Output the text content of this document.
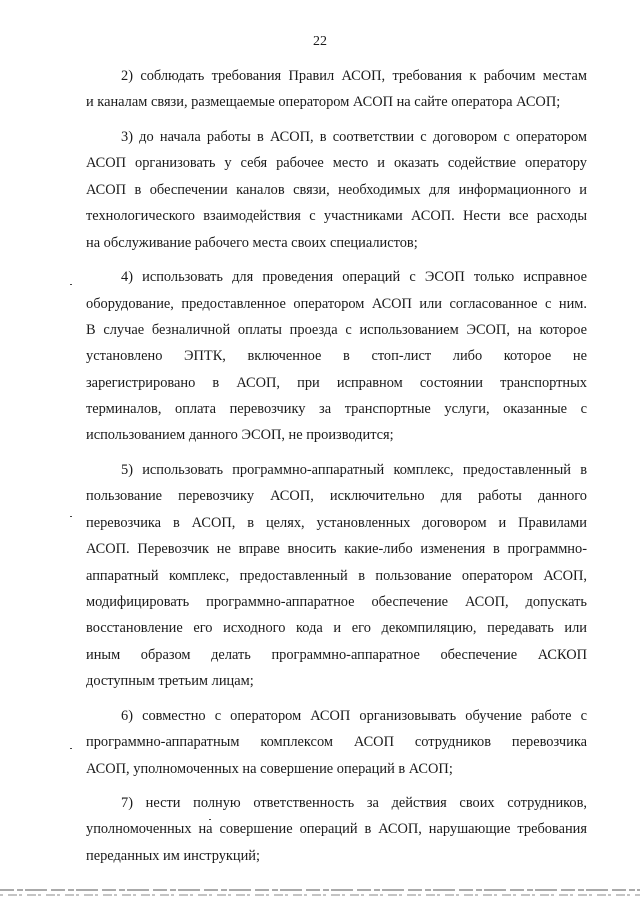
22
2) соблюдать требования Правил АСОП, требования к рабочим местам
и каналам связи, размещаемые оператором АСОП на сайте оператора АСОП;
3) до начала работы в АСОП, в соответствии с договором с оператором
АСОП организовать у себя рабочее место и оказать содействие оператору
АСОП в обеспечении каналов связи, необходимых для информационного и
технологического взаимодействия с участниками АСОП. Нести все расходы
на обслуживание рабочего места своих специалистов;
4) использовать для проведения операций с ЭСОП только исправное
оборудование, предоставленное оператором АСОП или согласованное с ним.
В случае безналичной оплаты проезда с использованием ЭСОП, на которое
установлено ЭПТК, включенное в стоп-лист либо которое не
зарегистрировано в АСОП, при исправном состоянии транспортных
терминалов, оплата перевозчику за транспортные услуги, оказанные с
использованием данного ЭСОП, не производится;
5) использовать программно-аппаратный комплекс, предоставленный в
пользование перевозчику АСОП, исключительно для работы данного
перевозчика в АСОП, в целях, установленных договором и Правилами
АСОП. Перевозчик не вправе вносить какие-либо изменения в программно-
аппаратный комплекс, предоставленный в пользование оператором АСОП,
модифицировать программно-аппаратное обеспечение АСОП, допускать
восстановление его исходного кода и его декомпиляцию, передавать или
иным образом делать программно-аппаратное обеспечение АСКОП
доступным третьим лицам;
6) совместно с оператором АСОП организовывать обучение работе с
программно-аппаратным комплексом АСОП сотрудников перевозчика
АСОП, уполномоченных на совершение операций в АСОП;
7) нести полную ответственность за действия своих сотрудников,
уполномоченных на совершение операций в АСОП, нарушающие требования
переданных им инструкций;
